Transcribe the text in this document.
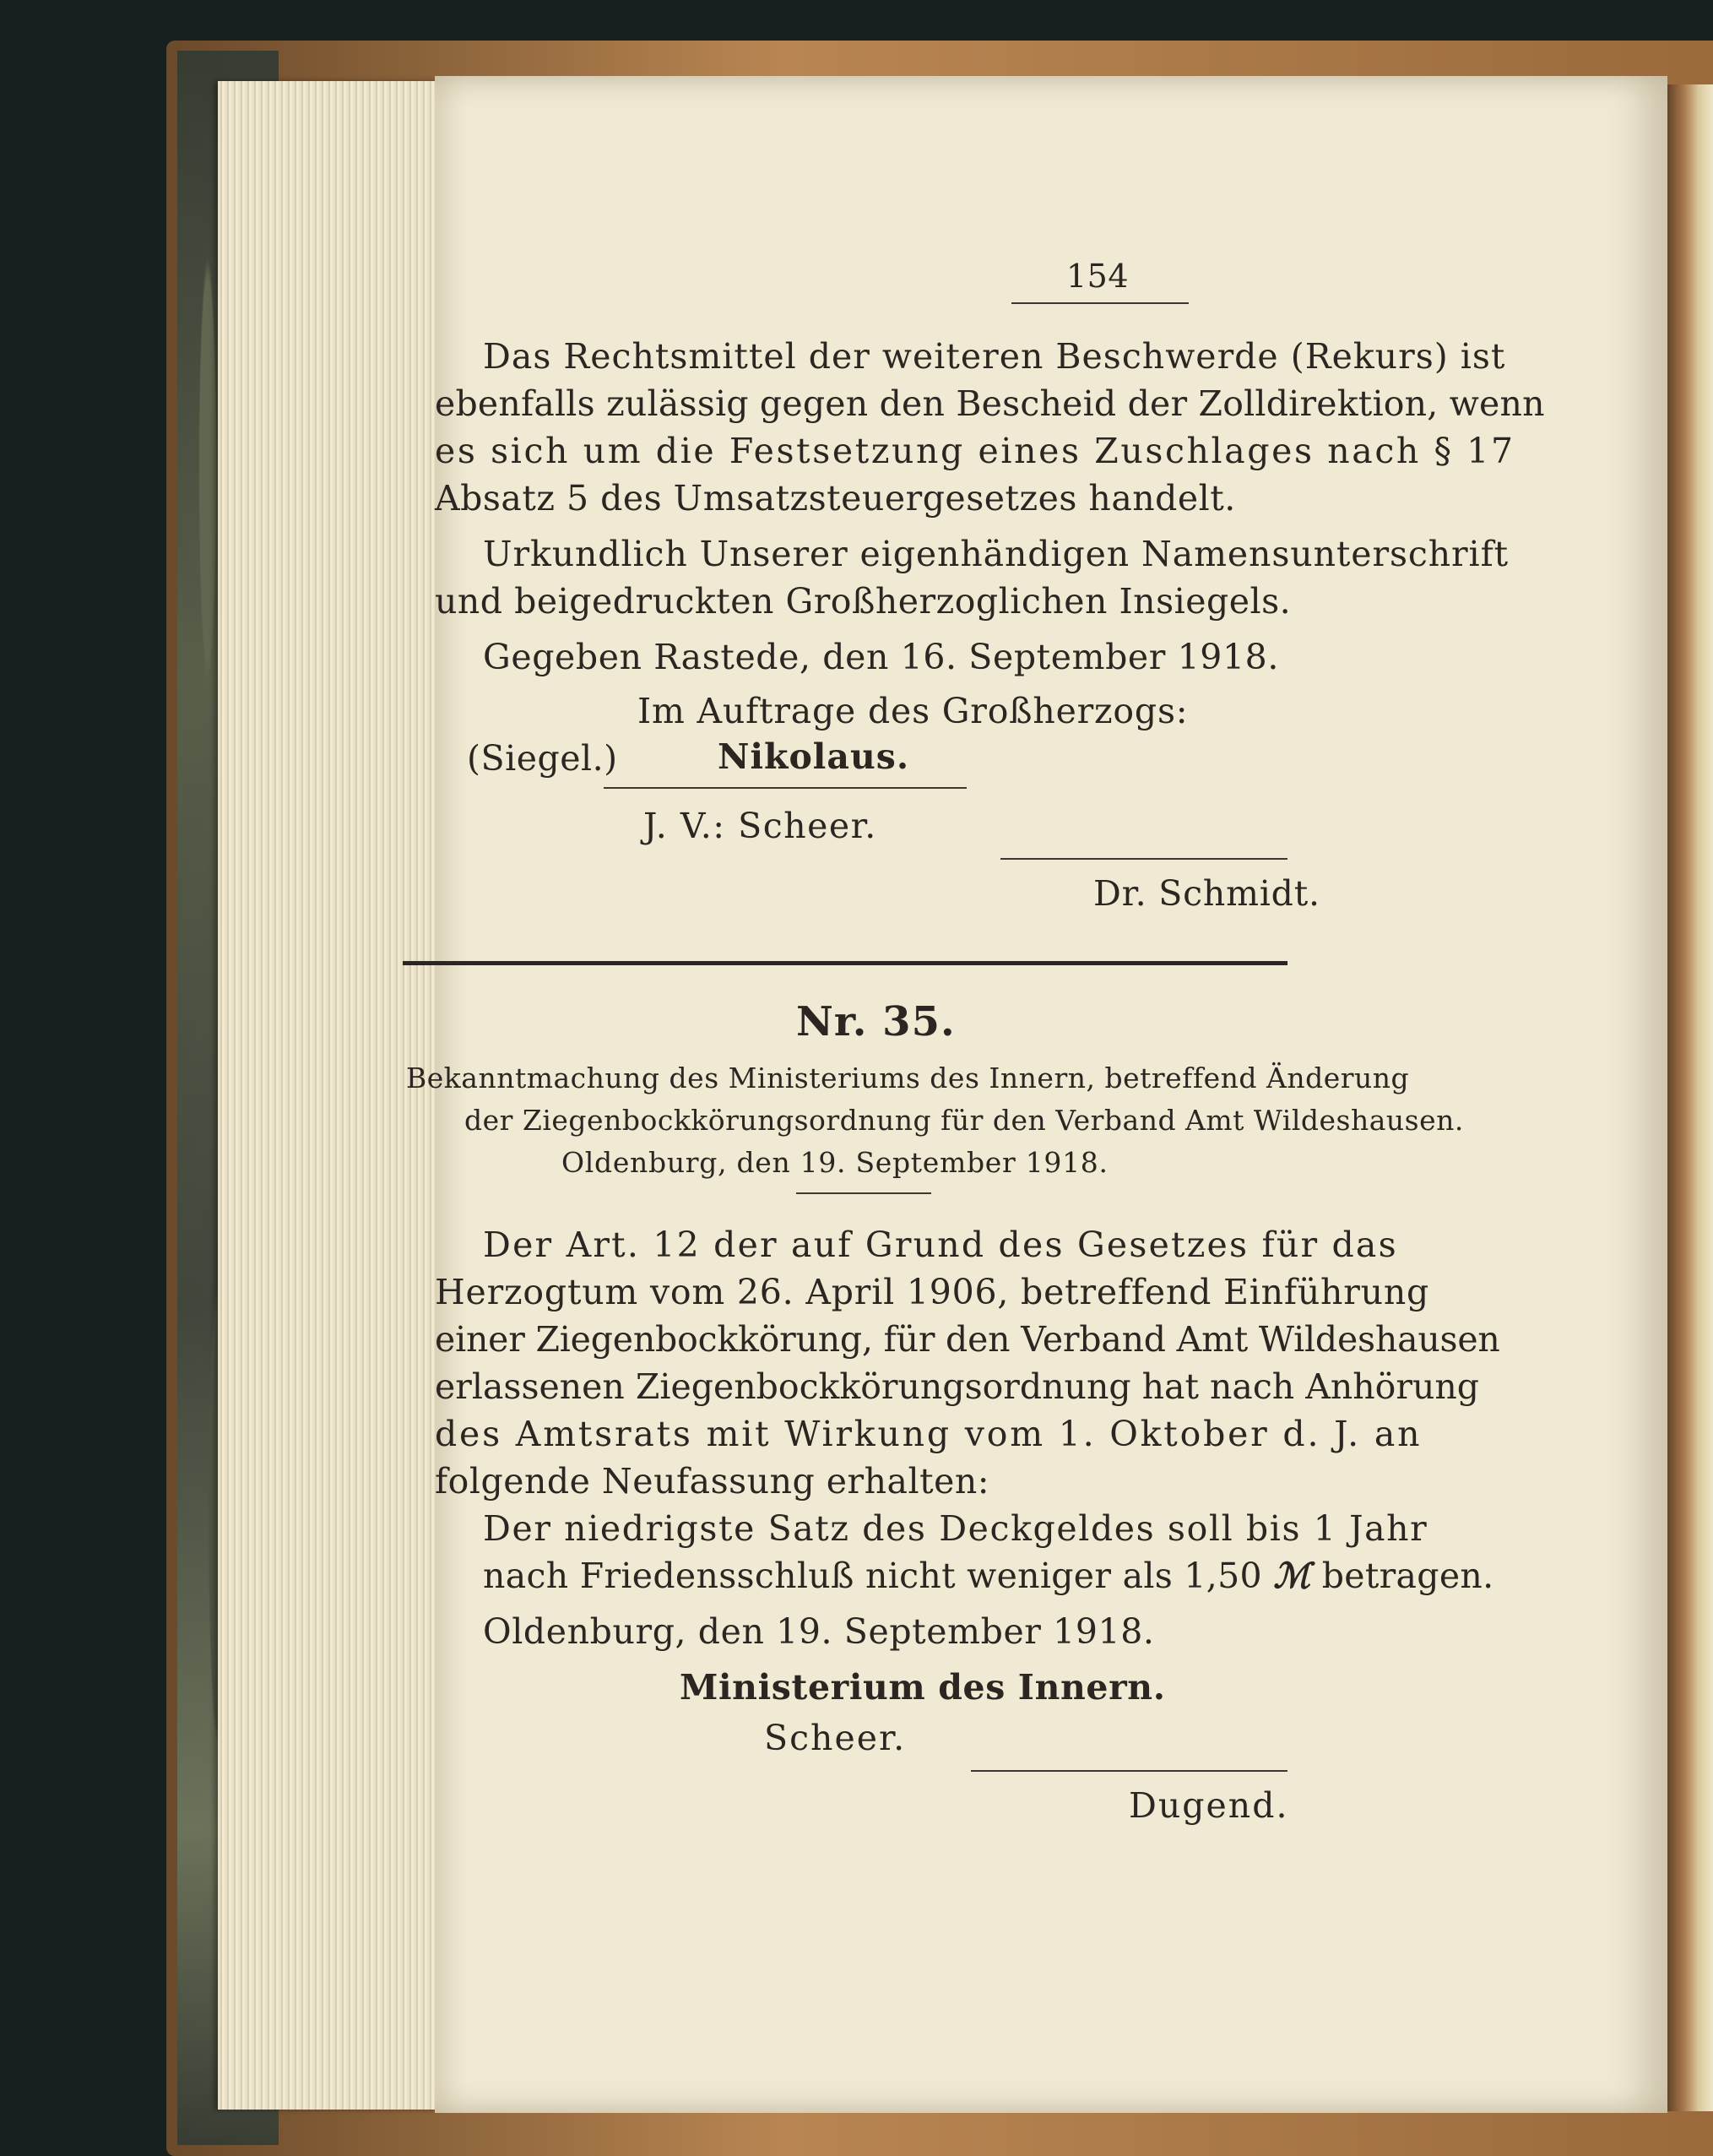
154
Das Rechtsmittel der weiteren Beschwerde (Rekurs) ist
ebenfalls zulässig gegen den Bescheid der Zolldirektion, wenn
es sich um die Festsetzung eines Zuschlages nach § 17
Absatz 5 des Umsatzsteuergesetzes handelt.
Urkundlich Unserer eigenhändigen Namensunterschrift
und beigedruckten Großherzoglichen Insiegels.
Gegeben Rastede, den 16. September 1918.
Im Auftrage des Großherzogs:
(Siegel.)	Nikolaus.
J. V.: Scheer.
Dr. Schmidt.
Nr. 35.
Bekanntmachung des Ministeriums des Innern, betreffend Änderung
der Ziegenbockkörungsordnung für den Verband Amt Wildeshausen.
Oldenburg, den 19. September 1918.
Der Art. 12 der auf Grund des Gesetzes für das
Herzogtum vom 26. April 1906, betreffend Einführung
einer Ziegenbockkörung, für den Verband Amt Wildeshausen
erlassenen Ziegenbockkörungsordnung hat nach Anhörung
des Amtsrats mit Wirkung vom 1. Oktober d. J. an
folgende Neufassung erhalten:
Der niedrigste Satz des Deckgeldes soll bis 1 Jahr
nach Friedensschluß nicht weniger als 1,50 ℳ betragen.
Oldenburg, den 19. September 1918.
Ministerium des Innern.
Scheer.
Dugend.
